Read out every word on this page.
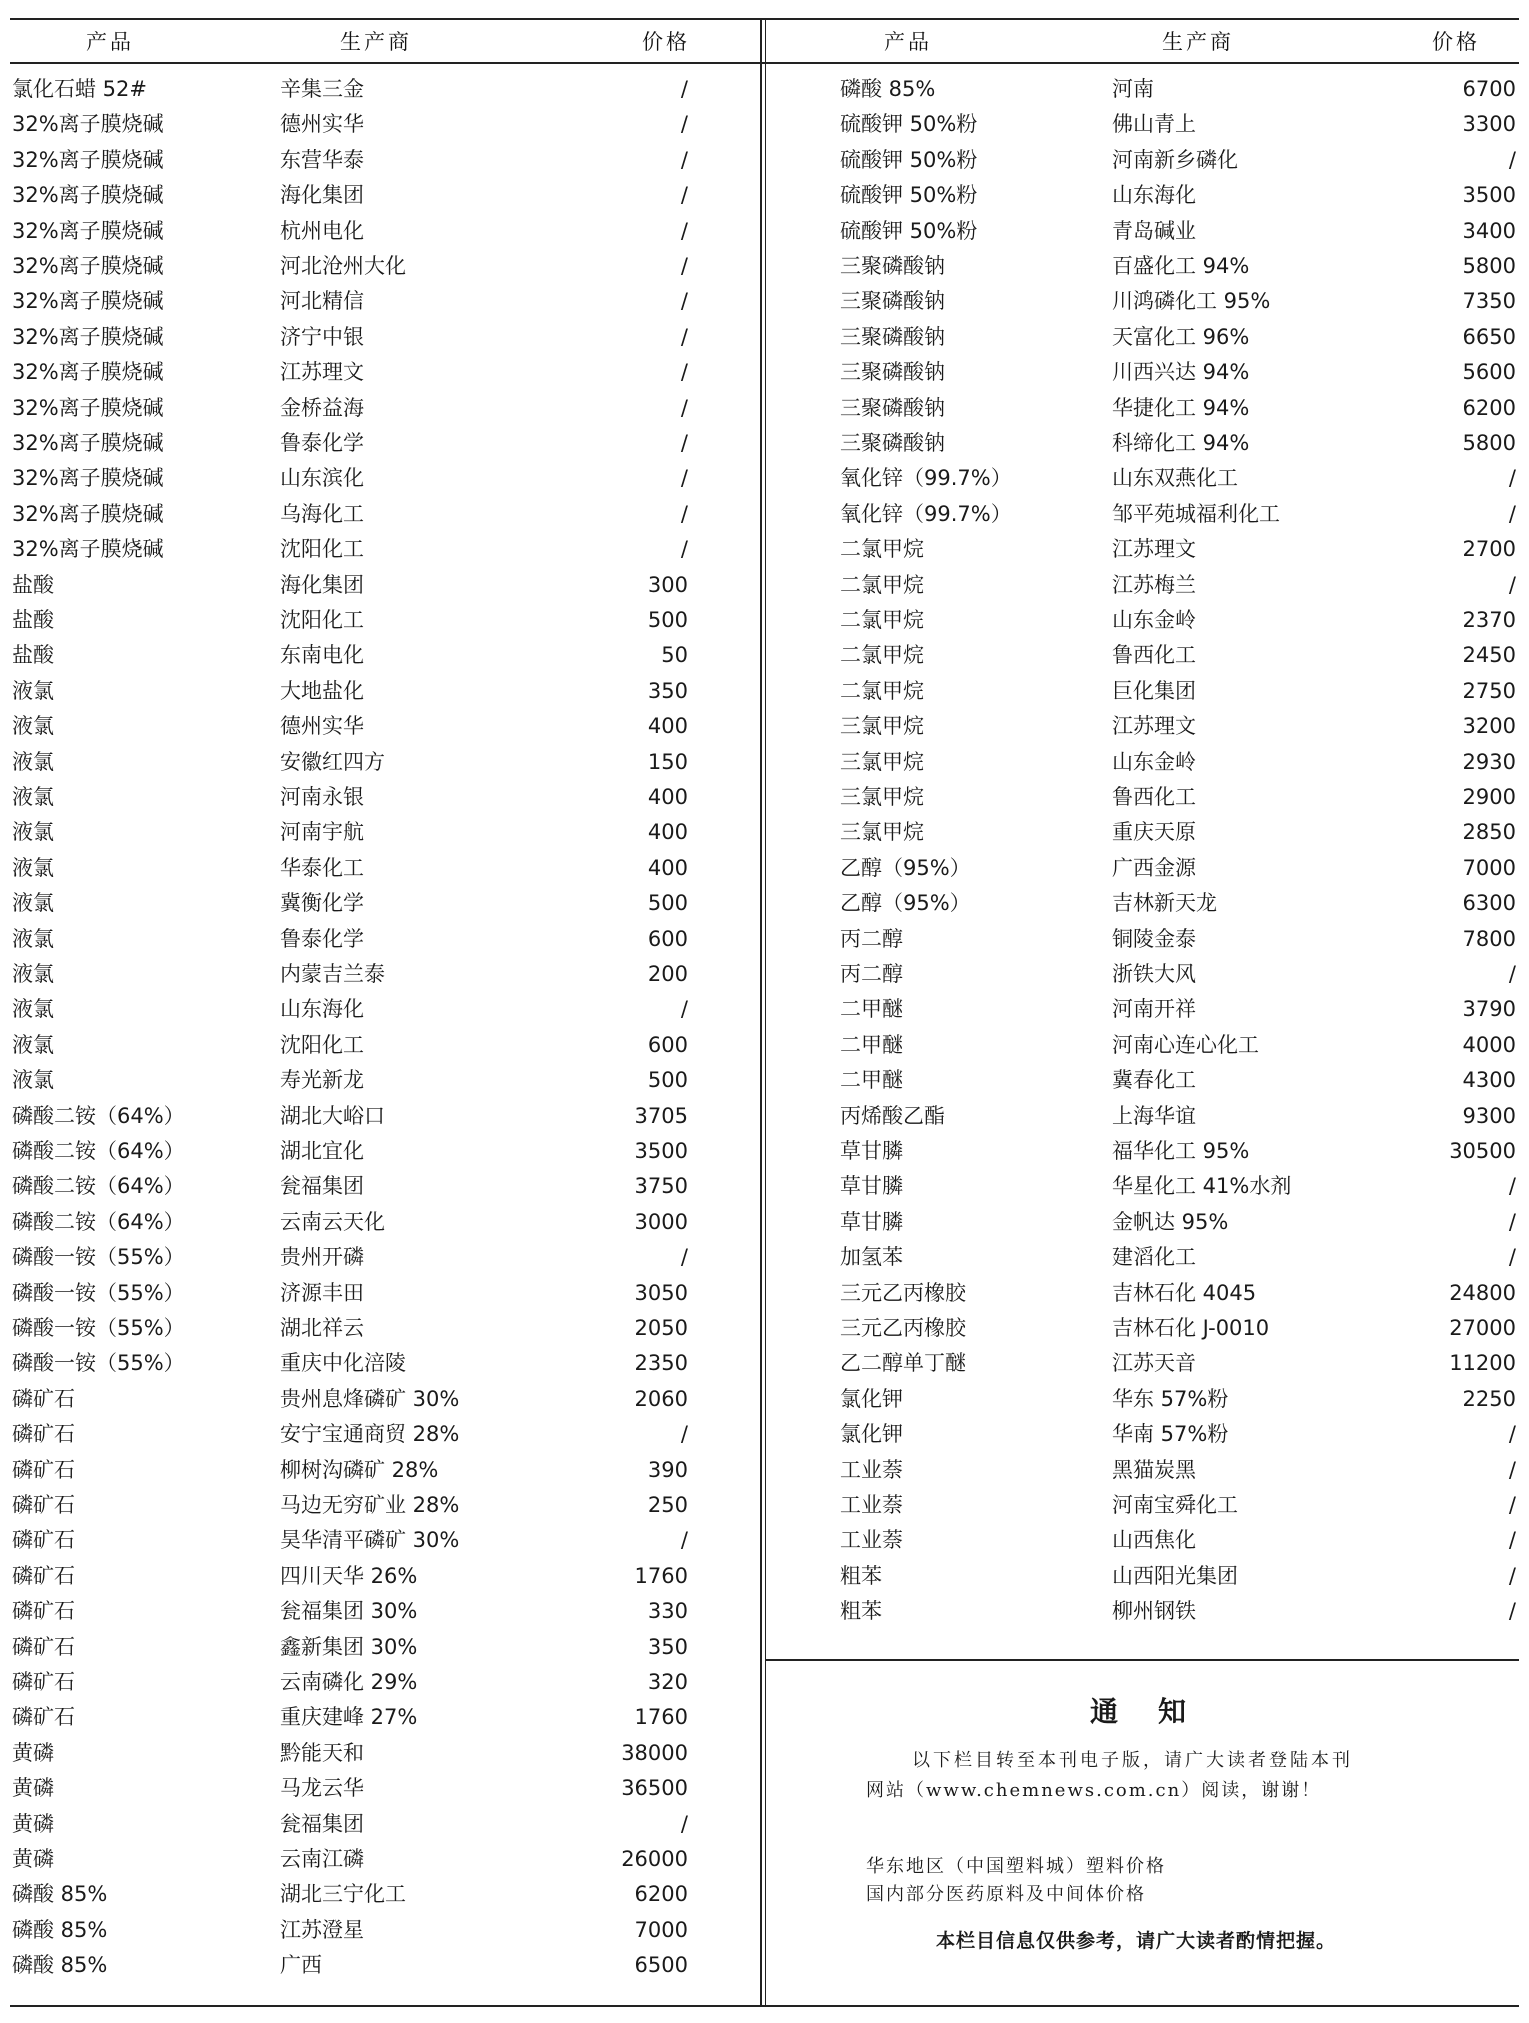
产品	生产商	价格	产品	生产商	价格
氯化石蜡 52#	辛集三金	/
32%离子膜烧碱	德州实华	/
32%离子膜烧碱	东营华泰	/
32%离子膜烧碱	海化集团	/
32%离子膜烧碱	杭州电化	/
32%离子膜烧碱	河北沧州大化	/
32%离子膜烧碱	河北精信	/
32%离子膜烧碱	济宁中银	/
32%离子膜烧碱	江苏理文	/
32%离子膜烧碱	金桥益海	/
32%离子膜烧碱	鲁泰化学	/
32%离子膜烧碱	山东滨化	/
32%离子膜烧碱	乌海化工	/
32%离子膜烧碱	沈阳化工	/
盐酸	海化集团	300
盐酸	沈阳化工	500
盐酸	东南电化	50
液氯	大地盐化	350
液氯	德州实华	400
液氯	安徽红四方	150
液氯	河南永银	400
液氯	河南宇航	400
液氯	华泰化工	400
液氯	冀衡化学	500
液氯	鲁泰化学	600
液氯	内蒙吉兰泰	200
液氯	山东海化	/
液氯	沈阳化工	600
液氯	寿光新龙	500
磷酸二铵（64%）	湖北大峪口	3705
磷酸二铵（64%）	湖北宜化	3500
磷酸二铵（64%）	瓮福集团	3750
磷酸二铵（64%）	云南云天化	3000
磷酸一铵（55%）	贵州开磷	/
磷酸一铵（55%）	济源丰田	3050
磷酸一铵（55%）	湖北祥云	2050
磷酸一铵（55%）	重庆中化涪陵	2350
磷矿石	贵州息烽磷矿 30%	2060
磷矿石	安宁宝通商贸 28%	/
磷矿石	柳树沟磷矿 28%	390
磷矿石	马边无穷矿业 28%	250
磷矿石	昊华清平磷矿 30%	/
磷矿石	四川天华 26%	1760
磷矿石	瓮福集团 30%	330
磷矿石	鑫新集团 30%	350
磷矿石	云南磷化 29%	320
磷矿石	重庆建峰 27%	1760
黄磷	黔能天和	38000
黄磷	马龙云华	36500
黄磷	瓮福集团	/
黄磷	云南江磷	26000
磷酸 85%	湖北三宁化工	6200
磷酸 85%	江苏澄星	7000
磷酸 85%	广西	6500
磷酸 85%	河南	6700
硫酸钾 50%粉	佛山青上	3300
硫酸钾 50%粉	河南新乡磷化	/
硫酸钾 50%粉	山东海化	3500
硫酸钾 50%粉	青岛碱业	3400
三聚磷酸钠	百盛化工 94%	5800
三聚磷酸钠	川鸿磷化工 95%	7350
三聚磷酸钠	天富化工 96%	6650
三聚磷酸钠	川西兴达 94%	5600
三聚磷酸钠	华捷化工 94%	6200
三聚磷酸钠	科缔化工 94%	5800
氧化锌（99.7%）	山东双燕化工	/
氧化锌（99.7%）	邹平苑城福利化工	/
二氯甲烷	江苏理文	2700
二氯甲烷	江苏梅兰	/
二氯甲烷	山东金岭	2370
二氯甲烷	鲁西化工	2450
二氯甲烷	巨化集团	2750
三氯甲烷	江苏理文	3200
三氯甲烷	山东金岭	2930
三氯甲烷	鲁西化工	2900
三氯甲烷	重庆天原	2850
乙醇（95%）	广西金源	7000
乙醇（95%）	吉林新天龙	6300
丙二醇	铜陵金泰	7800
丙二醇	浙铁大风	/
二甲醚	河南开祥	3790
二甲醚	河南心连心化工	4000
二甲醚	冀春化工	4300
丙烯酸乙酯	上海华谊	9300
草甘膦	福华化工 95%	30500
草甘膦	华星化工 41%水剂	/
草甘膦	金帆达 95%	/
加氢苯	建滔化工	/
三元乙丙橡胶	吉林石化 4045	24800
三元乙丙橡胶	吉林石化 J-0010	27000
乙二醇单丁醚	江苏天音	11200
氯化钾	华东 57%粉	2250
氯化钾	华南 57%粉	/
工业萘	黑猫炭黑	/
工业萘	河南宝舜化工	/
工业萘	山西焦化	/
粗苯	山西阳光集团	/
粗苯	柳州钢铁	/
通　知
以下栏目转至本刊电子版，请广大读者登陆本刊
网站（www.chemnews.com.cn）阅读，谢谢！
华东地区（中国塑料城）塑料价格
国内部分医药原料及中间体价格
本栏目信息仅供参考，请广大读者酌情把握。
